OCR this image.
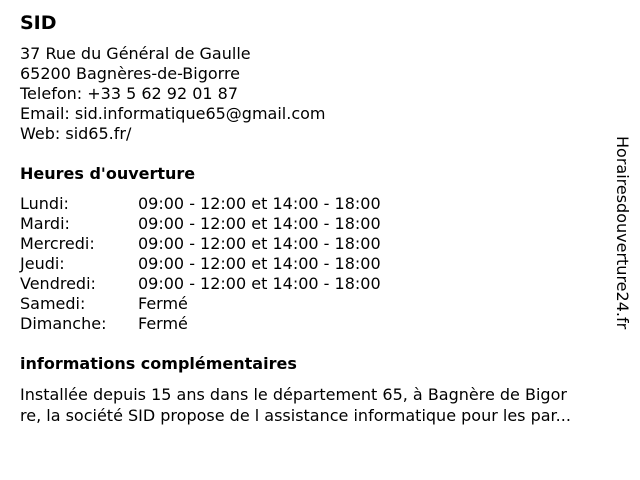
SID
37 Rue du Général de Gaulle
65200 Bagnères-de-Bigorre
Telefon: +33 5 62 92 01 87
Email: sid.informatique65@gmail.com
Web: sid65.fr/
Heures d'ouverture
Lundi:	09:00 - 12:00 et 14:00 - 18:00
Mardi:	09:00 - 12:00 et 14:00 - 18:00
Mercredi:	09:00 - 12:00 et 14:00 - 18:00
Jeudi:	09:00 - 12:00 et 14:00 - 18:00
Vendredi:	09:00 - 12:00 et 14:00 - 18:00
Samedi:	Fermé
Dimanche:	Fermé
informations complémentaires
Installée depuis 15 ans dans le département 65, à Bagnère de Bigor
re, la société SID propose de l assistance informatique pour les par...
Horairesdouverture24.fr
